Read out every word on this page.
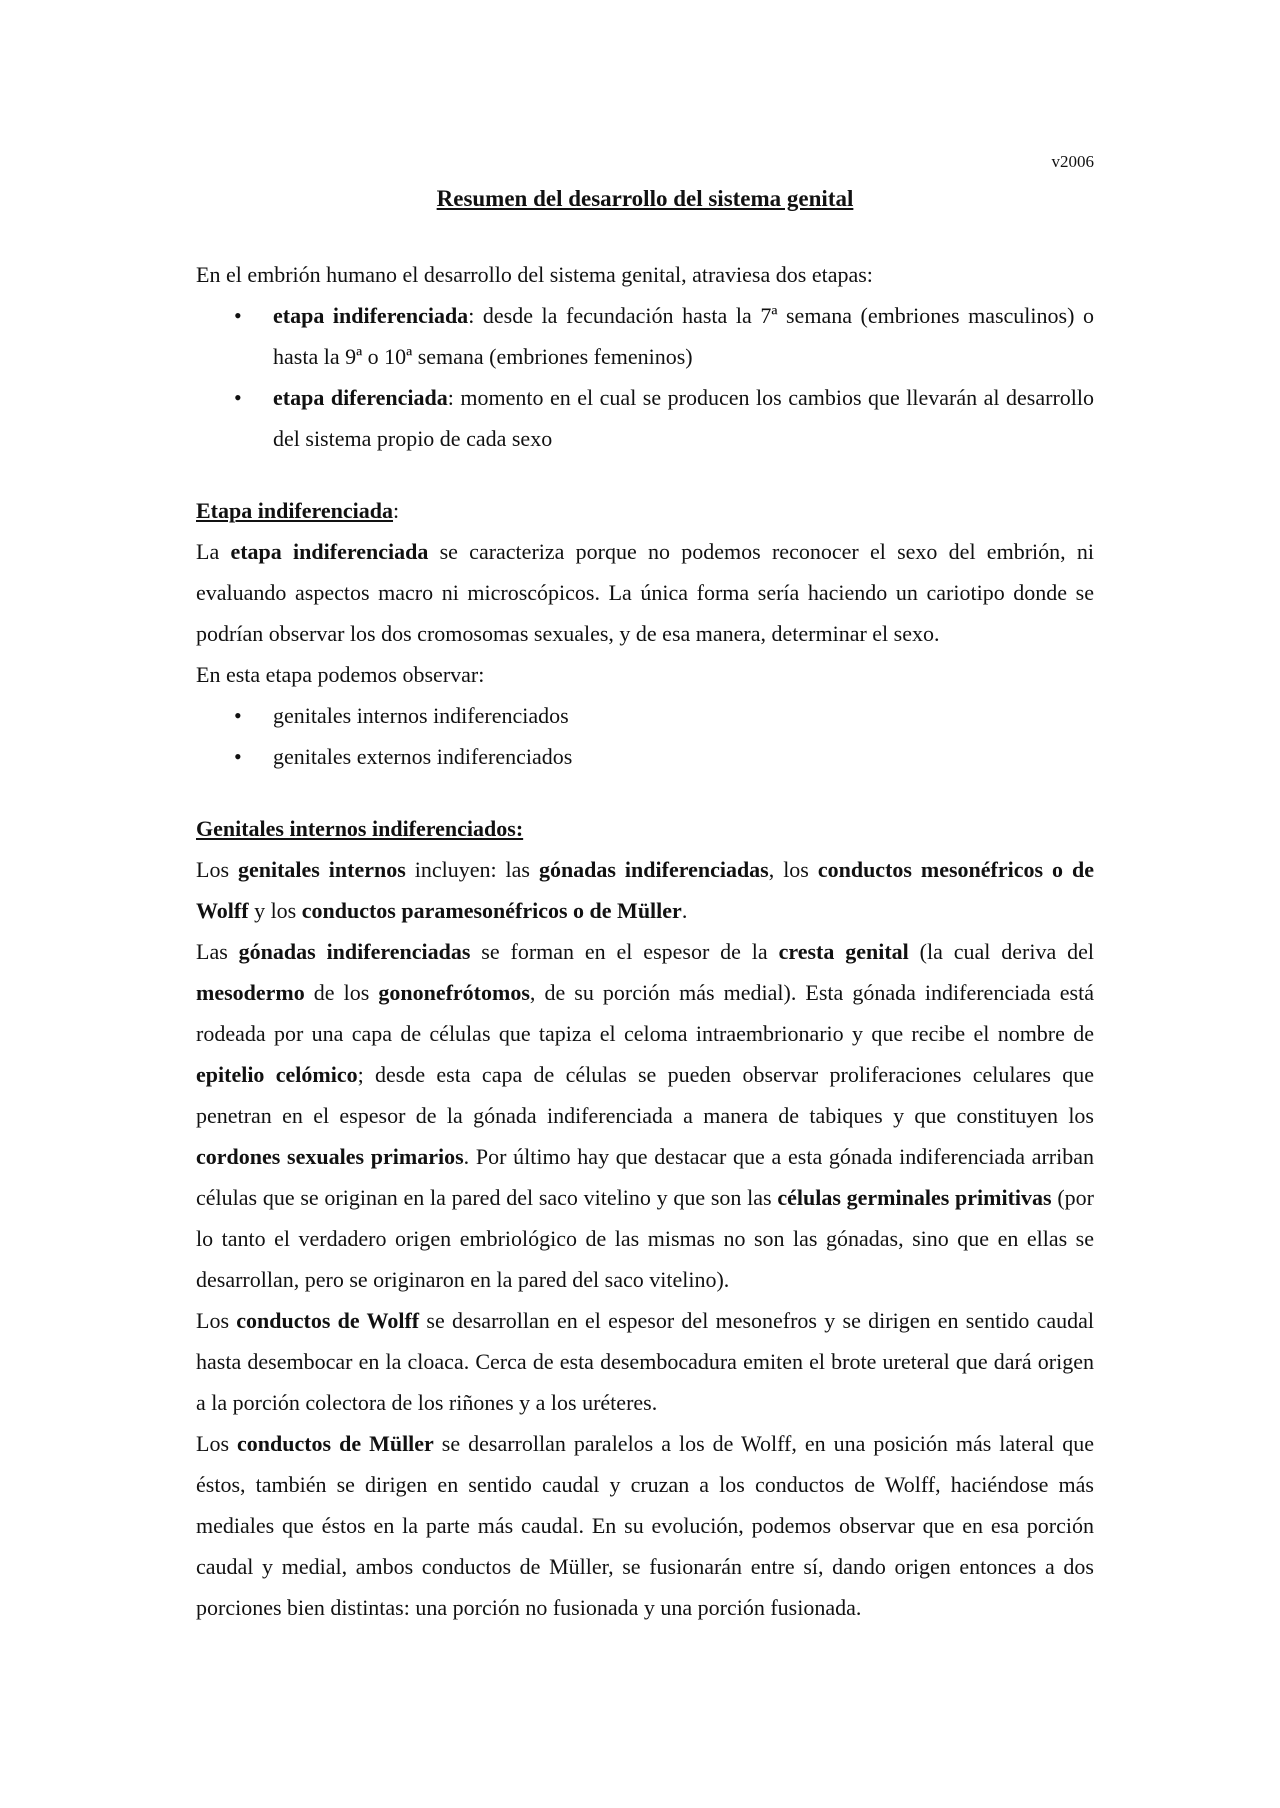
v2006
Resumen del desarrollo del sistema genital

En el embrión humano el desarrollo del sistema genital, atraviesa dos etapas:

• etapa indiferenciada: desde la fecundación hasta la 7ª semana (embriones masculinos) o hasta la 9ª o 10ª semana (embriones femeninos)
• etapa diferenciada: momento en el cual se producen los cambios que llevarán al desarrollo del sistema propio de cada sexo

Etapa indiferenciada:

La etapa indiferenciada se caracteriza porque no podemos reconocer el sexo del embrión, ni evaluando aspectos macro ni microscópicos. La única forma sería haciendo un cariotipo donde se podrían observar los dos cromosomas sexuales, y de esa manera, determinar el sexo.

En esta etapa podemos observar:

• genitales internos indiferenciados
• genitales externos indiferenciados

Genitales internos indiferenciados:

Los genitales internos incluyen: las gónadas indiferenciadas, los conductos mesonéfricos o de Wolff y los conductos paramesonéfricos o de Müller.

Las gónadas indiferenciadas se forman en el espesor de la cresta genital (la cual deriva del mesodermo de los gononefrótomos, de su porción más medial). Esta gónada indiferenciada está rodeada por una capa de células que tapiza el celoma intraembrionario y que recibe el nombre de epitelio celómico; desde esta capa de células se pueden observar proliferaciones celulares que penetran en el espesor de la gónada indiferenciada a manera de tabiques y que constituyen los cordones sexuales primarios. Por último hay que destacar que a esta gónada indiferenciada arriban células que se originan en la pared del saco vitelino y que son las células germinales primitivas (por lo tanto el verdadero origen embriológico de las mismas no son las gónadas, sino que en ellas se desarrollan, pero se originaron en la pared del saco vitelino).

Los conductos de Wolff se desarrollan en el espesor del mesonefros y se dirigen en sentido caudal hasta desembocar en la cloaca. Cerca de esta desembocadura emiten el brote ureteral que dará origen a la porción colectora de los riñones y a los uréteres.

Los conductos de Müller se desarrollan paralelos a los de Wolff, en una posición más lateral que éstos, también se dirigen en sentido caudal y cruzan a los conductos de Wolff, haciéndose más mediales que éstos en la parte más caudal. En su evolución, podemos observar que en esa porción caudal y medial, ambos conductos de Müller, se fusionarán entre sí, dando origen entonces a dos porciones bien distintas: una porción no fusionada y una porción fusionada.
